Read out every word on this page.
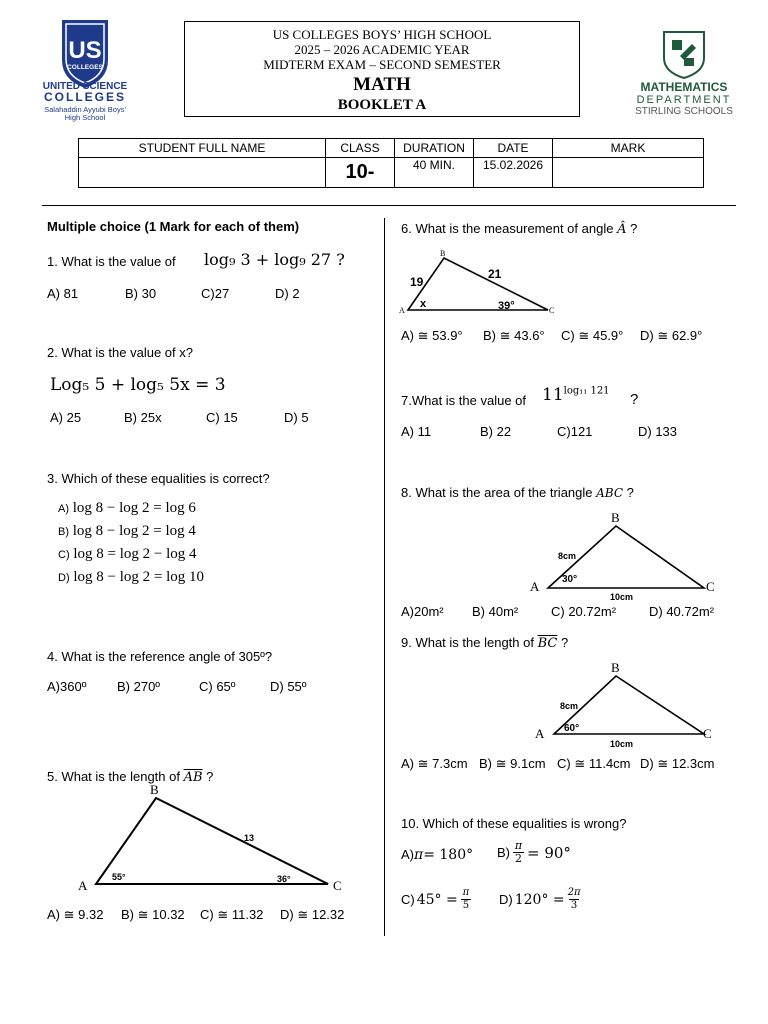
US
COLLEGES
UNITED SCIENCE
COLLEGES
Salahaddin Ayyubi Boys'
High School
US COLLEGES BOYS’ HIGH SCHOOL
2025 – 2026 ACADEMIC YEAR
MIDTERM EXAM – SECOND SEMESTER
MATH
BOOKLET A
MATHEMATICS
DEPARTMENT
STIRLING SCHOOLS
STUDENT FULL NAME	CLASS	DURATION	DATE	MARK
	10-	40 MIN.	15.02.2026	
Multiple choice (1 Mark for each of them)
1. What is the value of log₉ 3 + log₉ 27 ?
A) 81	B) 30	C)27	D) 2
2. What is the value of x?
Log₅ 5 + log₅ 5x = 3
A) 25	B) 25x	C) 15	D) 5
3. Which of these equalities is correct?
A) log 8 − log 2 = log 6
B) log 8 − log 2 = log 4
C) log 8 = log 2 − log 4
D) log 8 − log 2 = log 10
4. What is the reference angle of 305º?
A)360º B) 270º	C) 65º	D) 55º
5. What is the length of $\overline{AB}$ ?
B
A	C
13
55°	36°
A) ≅ 9.32 B) ≅ 10.32 C) ≅ 11.32 D) ≅ 12.32
6. What is the measurement of angle Â ?
B
A	C
19
21
x	39°
A) ≅ 53.9° B) ≅ 43.6° C) ≅ 45.9° D) ≅ 62.9°
7.What is the value of $11^{log_{11} 121}$
?
A) 11	B) 22	C)121	D) 133
8. What is the area of the triangle ABC ?
B
A	C
8cm
10cm
30°
A)20m² B) 40m²	C) 20.72m²	D) 40.72m²
9. What is the length of $\overline{BC}$ ?
B
A	C
8cm
10cm
60°
A) ≅ 7.3cm B) ≅ 9.1cm C) ≅ 11.4cm D) ≅ 12.3cm
10. Which of these equalities is wrong?
A)π= 180° $B) \frac{\pi}{2} = 90^\circ$
C) $45^\circ = \frac{\pi}{5} D$) $120^\circ = \frac{2\pi}{3}$
